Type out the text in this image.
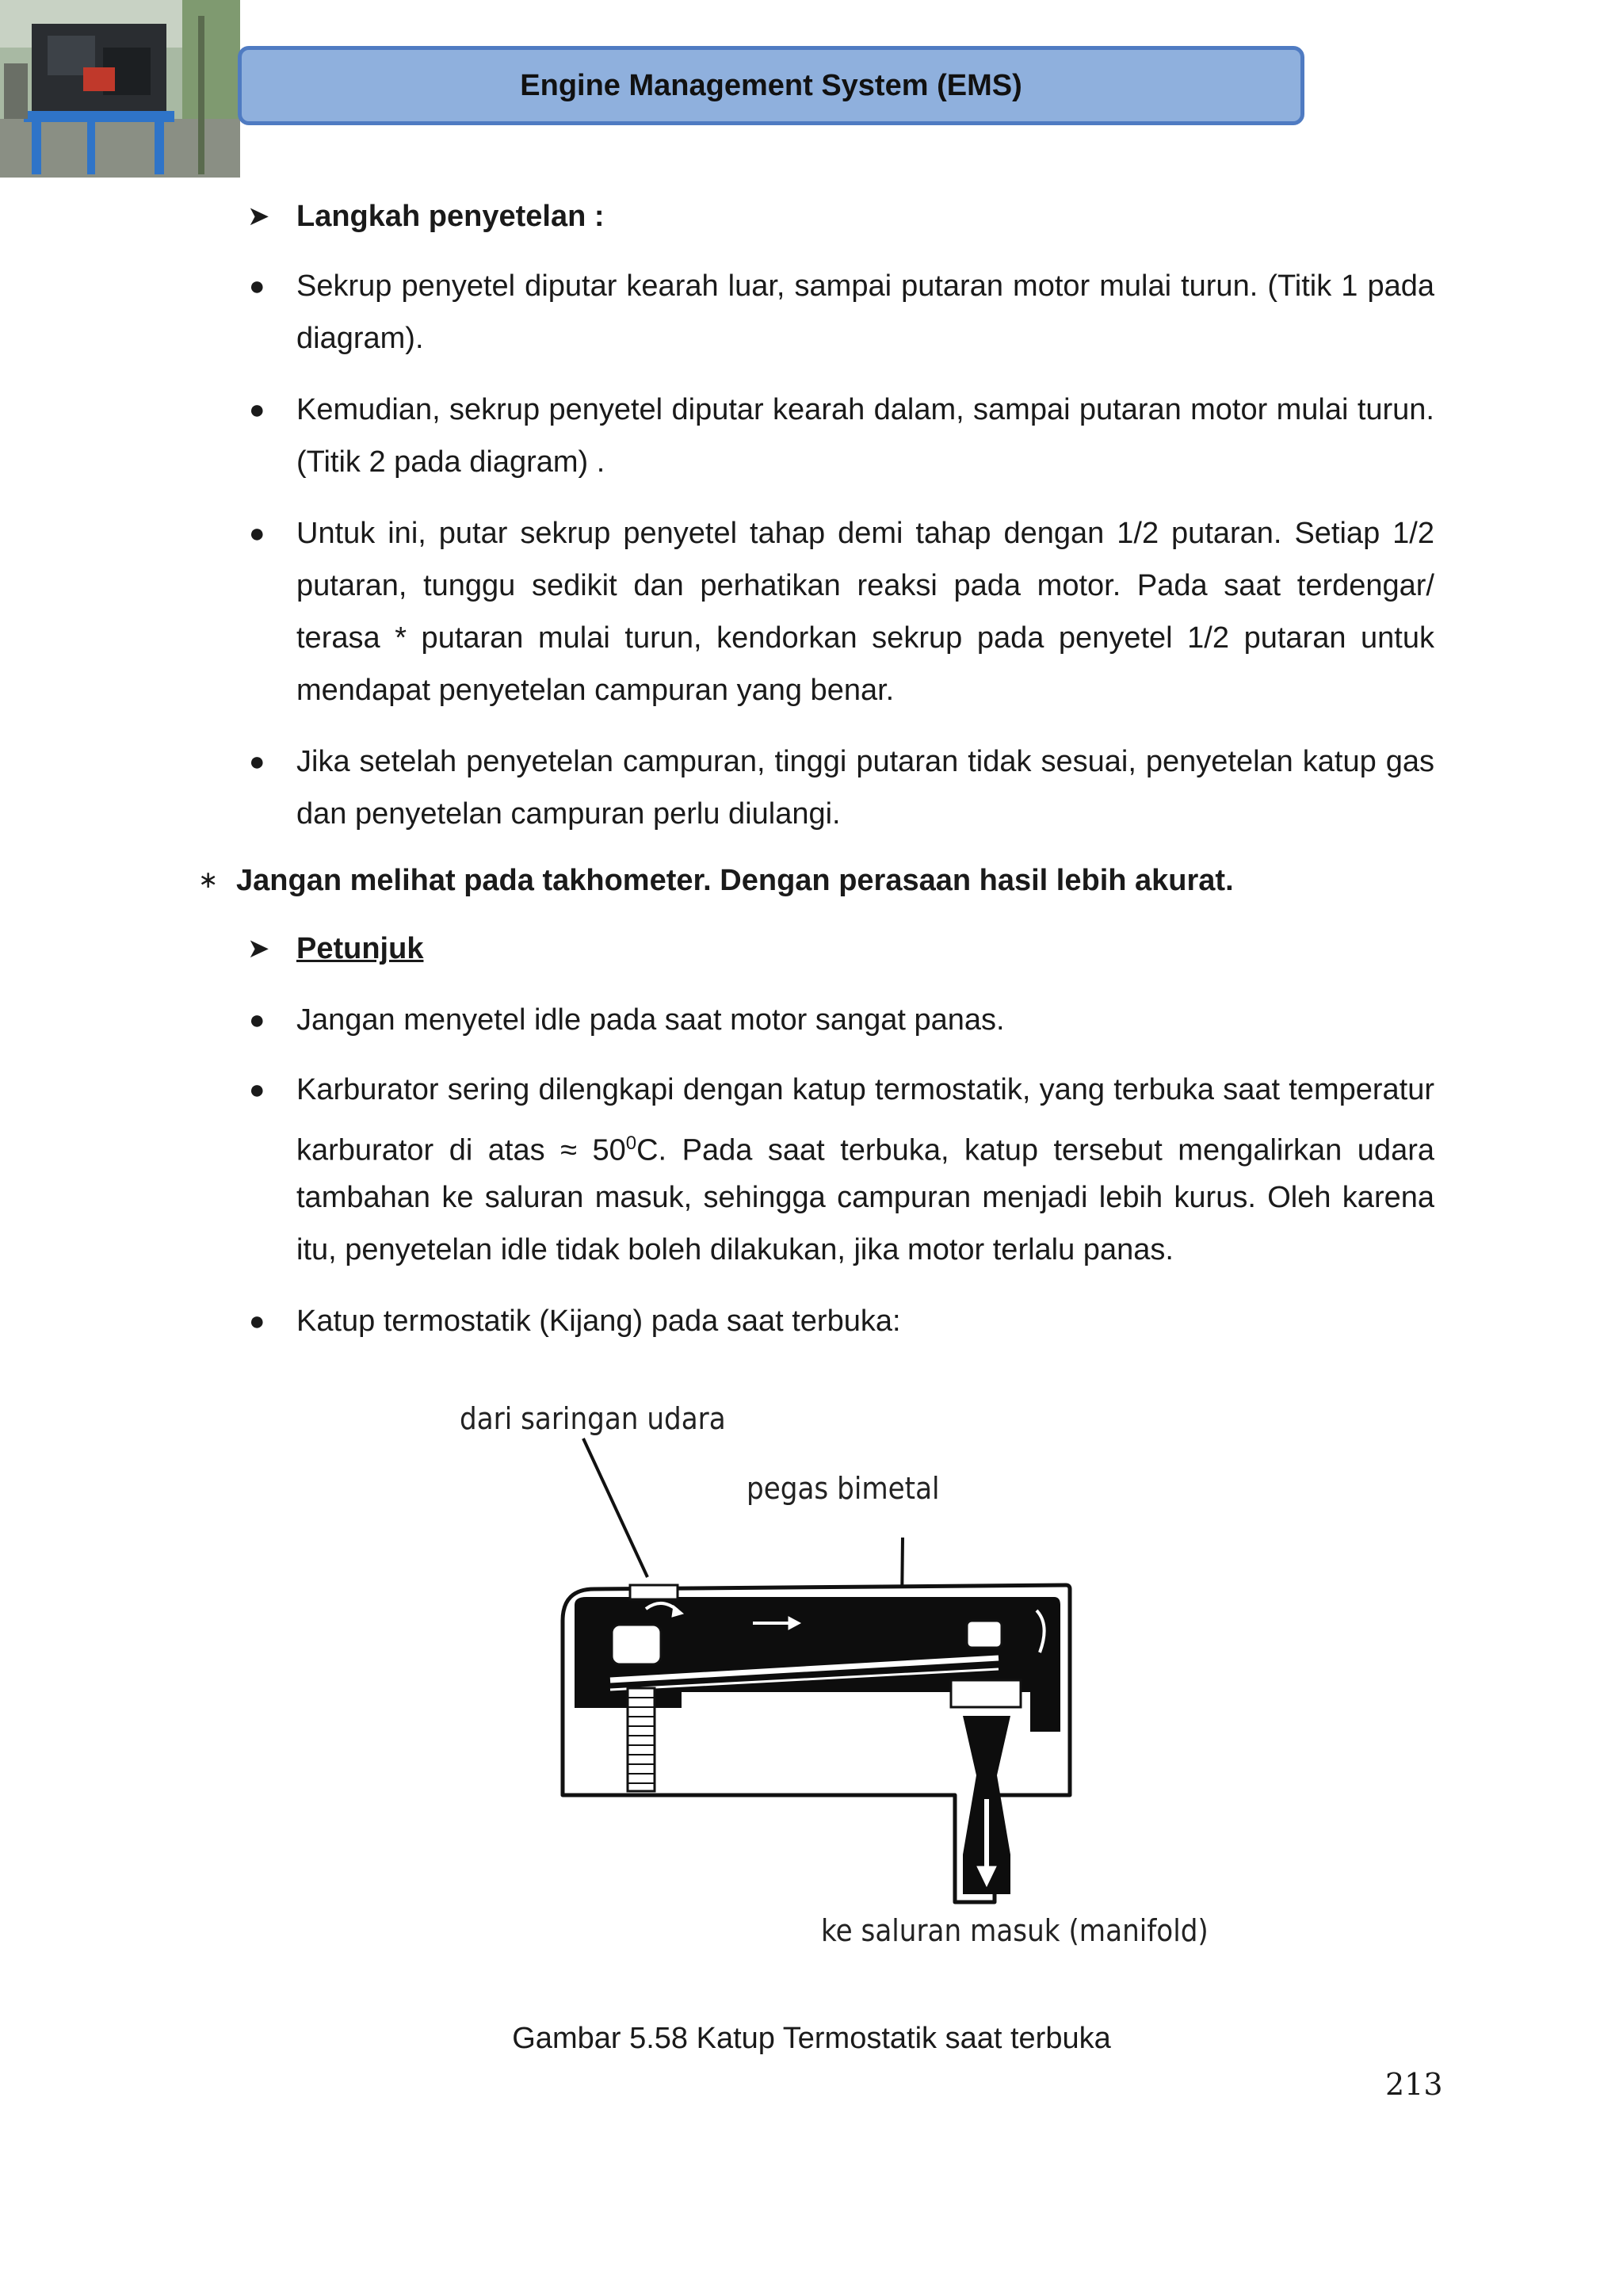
Engine Management System (EMS)
➤ Langkah penyetelan :
● Sekrup penyetel diputar kearah luar, sampai putaran motor mulai turun. (Titik 1 pada
diagram).
● Kemudian, sekrup penyetel diputar kearah dalam, sampai putaran motor mulai turun.
(Titik 2 pada diagram) .
● Untuk ini, putar sekrup penyetel tahap demi tahap dengan 1/2 putaran. Setiap 1/2
putaran, tunggu sedikit dan perhatikan reaksi pada motor. Pada saat terdengar/
terasa * putaran mulai turun, kendorkan sekrup pada penyetel 1/2 putaran untuk
mendapat penyetelan campuran yang benar.
● Jika setelah penyetelan campuran, tinggi putaran tidak sesuai, penyetelan katup gas
dan penyetelan campuran perlu diulangi.
∗ Jangan melihat pada takhometer. Dengan perasaan hasil lebih akurat.
➤ Petunjuk
● Jangan menyetel idle pada saat motor sangat panas.
● Karburator sering dilengkapi dengan katup termostatik, yang terbuka saat temperatur
karburator di atas ≈ $50^0C$. Pada saat terbuka, katup tersebut mengalirkan udara
tambahan ke saluran masuk, sehingga campuran menjadi lebih kurus. Oleh karena
itu, penyetelan idle tidak boleh dilakukan, jika motor terlalu panas.
● Katup termostatik (Kijang) pada saat terbuka:
dari saringan udara
pegas bimetal
ke saluran masuk (manifold)
Gambar 5.58 Katup Termostatik saat terbuka
213
